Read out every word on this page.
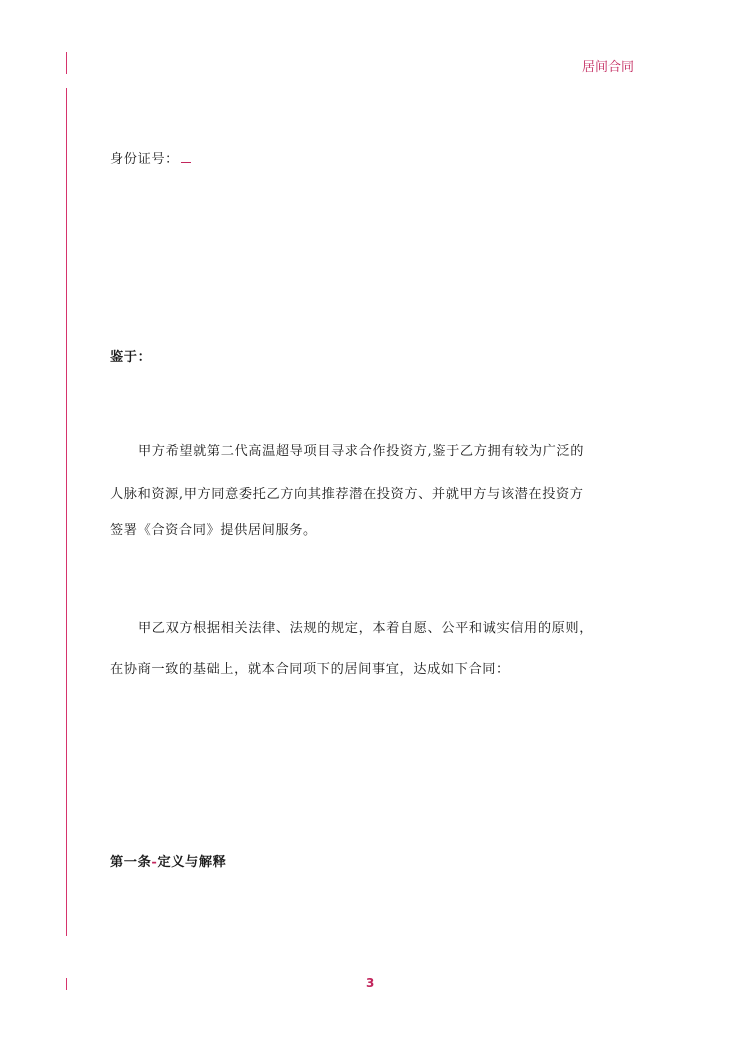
居间合同
身份证号：
鉴于：
甲方希望就第二代高温超导项目寻求合作投资方,鉴于乙方拥有较为广泛的
人脉和资源,甲方同意委托乙方向其推荐潜在投资方、并就甲方与该潜在投资方
签署《合资合同》提供居间服务。
甲乙双方根据相关法律、法规的规定，本着自愿、公平和诚实信用的原则，
在协商一致的基础上，就本合同项下的居间事宜，达成如下合同：
第一条-定义与解释
3
